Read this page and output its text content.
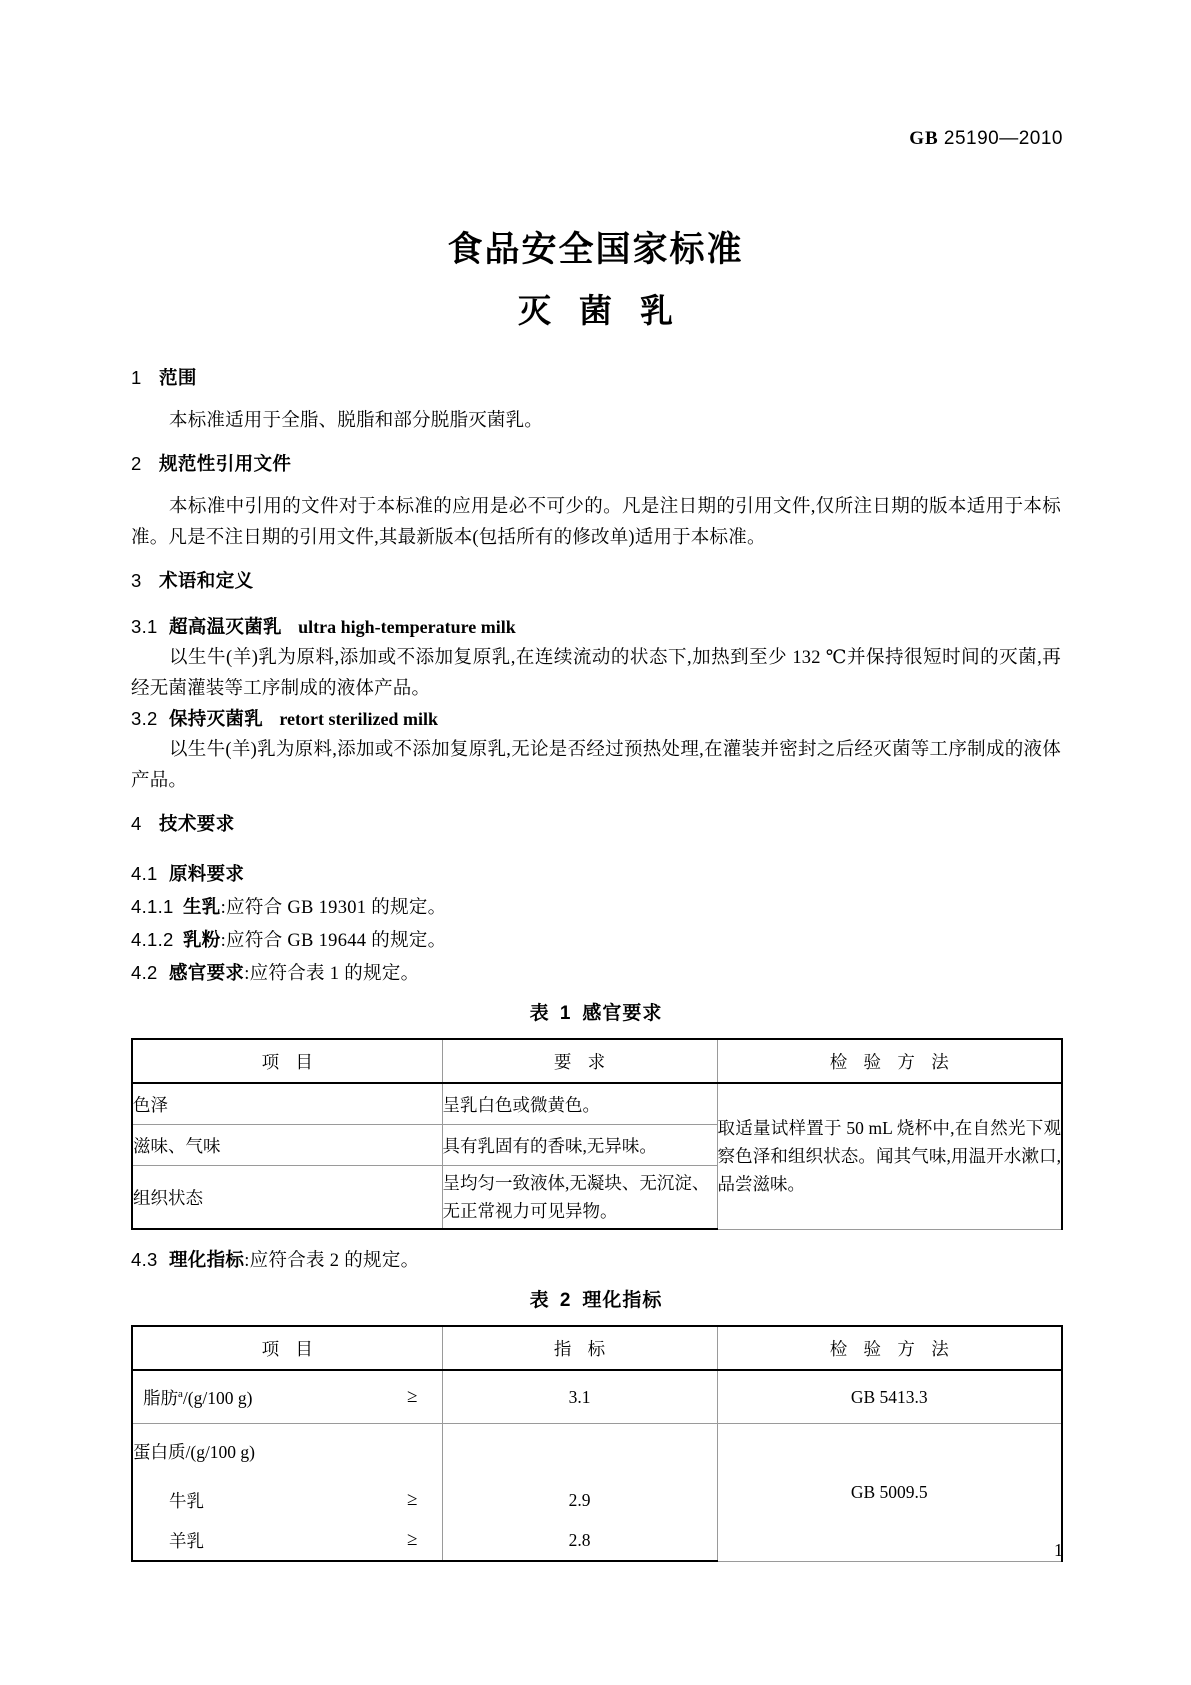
GB 25190—2010
食品安全国家标准
灭菌乳
1 范围

本标准适用于全脂、脱脂和部分脱脂灭菌乳。

2 规范性引用文件

本标准中引用的文件对于本标准的应用是必不可少的。凡是注日期的引用文件,仅所注日期的版本适用于本标准。凡是不注日期的引用文件,其最新版本(包括所有的修改单)适用于本标准。

3 术语和定义
3.1 超高温灭菌乳 ultra high-temperature milk

以生牛(羊)乳为原料,添加或不添加复原乳,在连续流动的状态下,加热到至少 132 ℃并保持很短时间的灭菌,再经无菌灌装等工序制成的液体产品。

3.2 保持灭菌乳 retort sterilized milk

以生牛(羊)乳为原料,添加或不添加复原乳,无论是否经过预热处理,在灌装并密封之后经灭菌等工序制成的液体产品。

4 技术要求
4.1 原料要求
4.1.1 生乳:应符合 GB 19301 的规定。
4.1.2 乳粉:应符合 GB 19644 的规定。
4.2 感官要求:应符合表 1 的规定。

表 1 感官要求

项 目	要 求	检 验 方 法
色泽	呈乳白色或微黄色。	取适量试样置于 50 mL 烧杯中,在自然光下观察色泽和组织状态。闻其气味,用温开水漱口,品尝滋味。
滋味、气味	具有乳固有的香味,无异味。	
组织状态	呈均匀一致液体,无凝块、无沉淀、无正常视力可见异物。	
4.3 理化指标:应符合表 2 的规定。

表 2 理化指标

项 目	指 标	检 验 方 法

脂肪$^a$/(g/100 g) ≥	3.1	GB 5413.3
蛋白质/(g/100 g)		GB 5009.5

牛乳 ≥	2.9	

羊乳 ≥	2.8	
1
